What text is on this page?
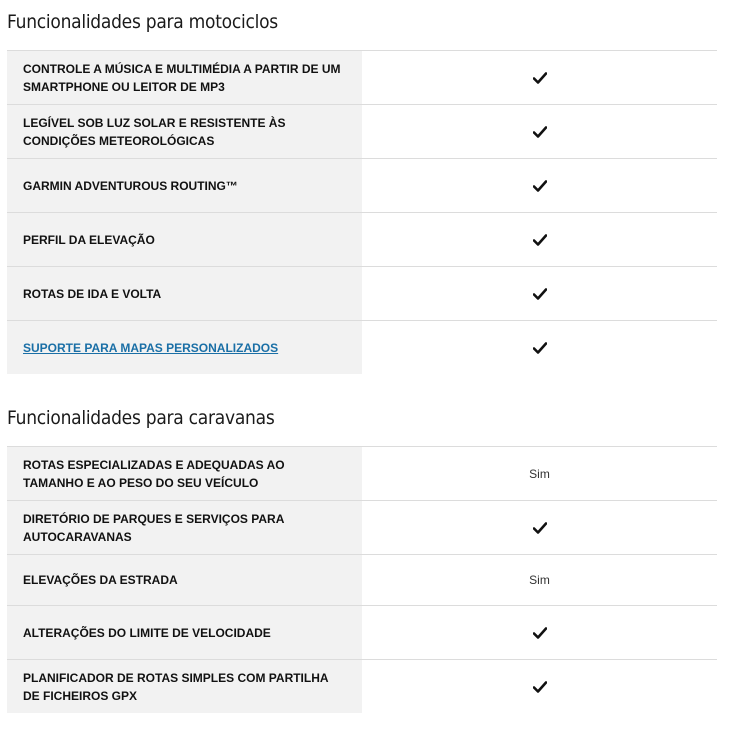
Funcionalidades para motociclos
CONTROLE A MÚSICA E MULTIMÉDIA A PARTIR DE UM SMARTPHONE OU LEITOR DE MP3
LEGÍVEL SOB LUZ SOLAR E RESISTENTE ÀS CONDIÇÕES METEOROLÓGICAS
GARMIN ADVENTUROUS ROUTING™
PERFIL DA ELEVAÇÃO
ROTAS DE IDA E VOLTA
SUPORTE PARA MAPAS PERSONALIZADOS
Funcionalidades para caravanas
ROTAS ESPECIALIZADAS E ADEQUADAS AO TAMANHO E AO PESO DO SEU VEÍCULO
Sim
DIRETÓRIO DE PARQUES E SERVIÇOS PARA AUTOCARAVANAS
ELEVAÇÕES DA ESTRADA	Sim
ALTERAÇÕES DO LIMITE DE VELOCIDADE
PLANIFICADOR DE ROTAS SIMPLES COM PARTILHA DE FICHEIROS GPX
